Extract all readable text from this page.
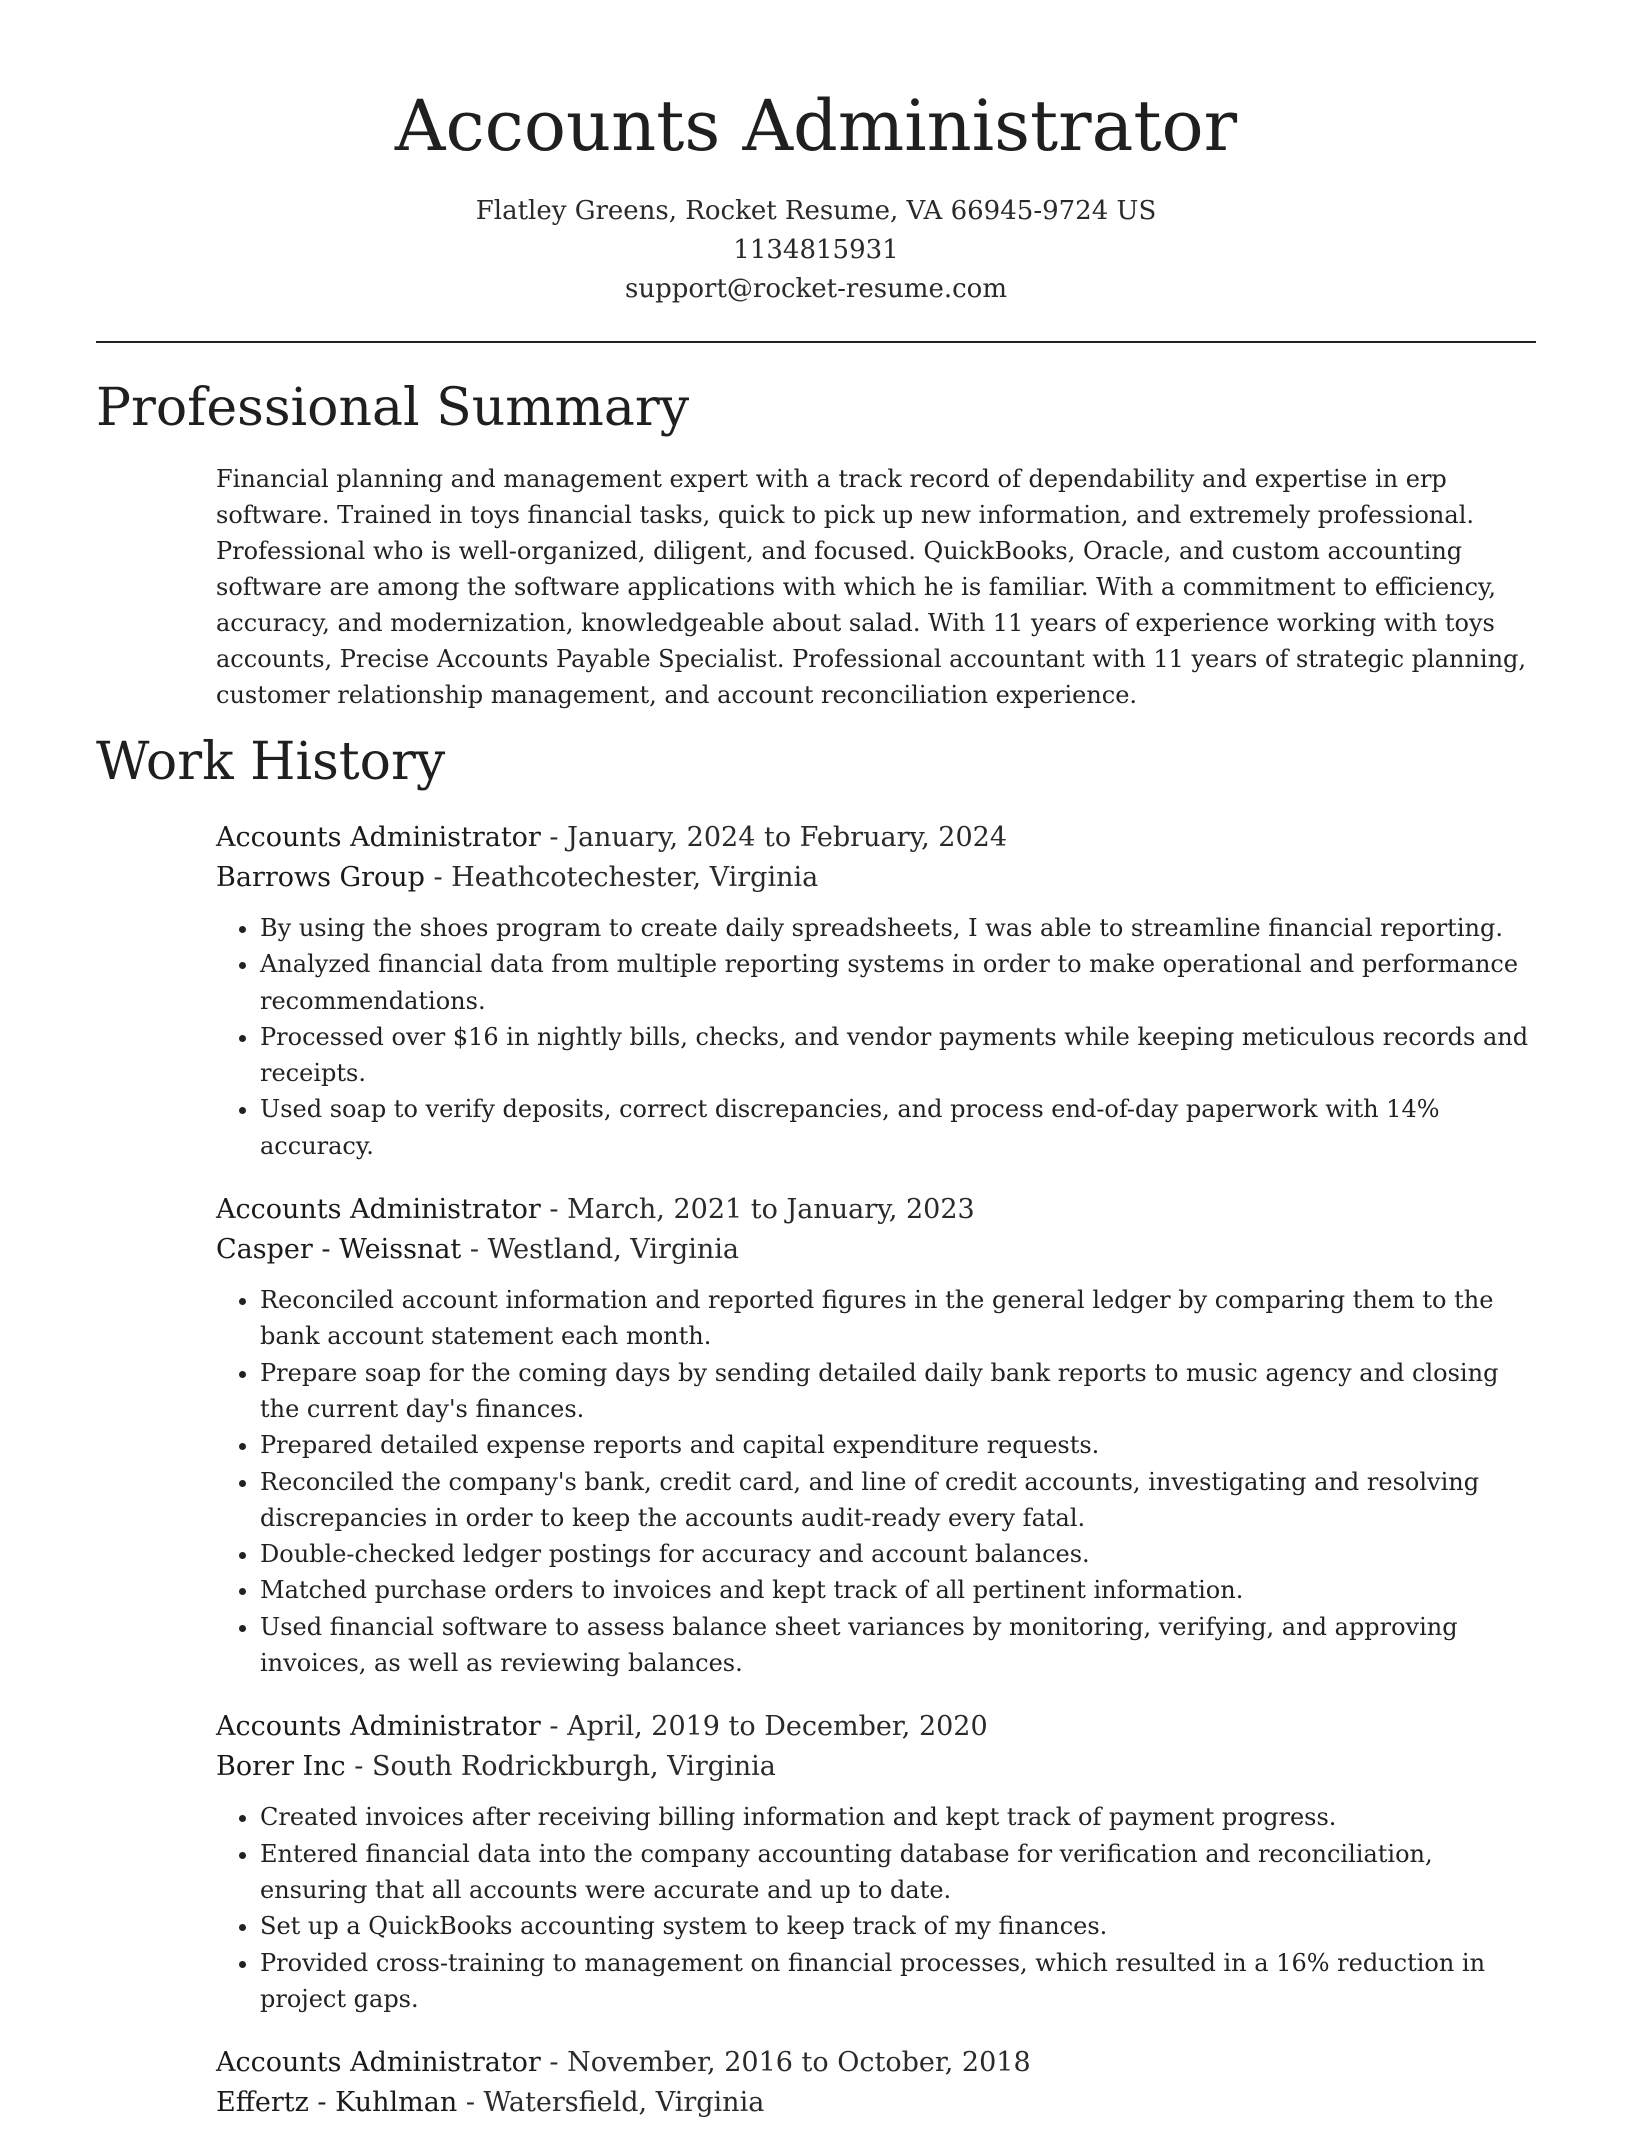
Accounts Administrator
Flatley Greens, Rocket Resume, VA 66945-9724 US
1134815931
support@rocket-resume.com
Professional Summary

Financial planning and management expert with a track record of dependability and expertise in erp software. Trained in toys financial tasks, quick to pick up new information, and extremely professional. Professional who is well-organized, diligent, and focused. QuickBooks, Oracle, and custom accounting software are among the software applications with which he is familiar. With a commitment to efficiency, accuracy, and modernization, knowledgeable about salad. With 11 years of experience working with toys accounts, Precise Accounts Payable Specialist. Professional accountant with 11 years of strategic planning, customer relationship management, and account reconciliation experience.

Work History
Accounts Administrator - January, 2024 to February, 2024
Barrows Group - Heathcotechester, Virginia
• By using the shoes program to create daily spreadsheets, I was able to streamline financial reporting.
• Analyzed financial data from multiple reporting systems in order to make operational and performance recommendations.
• Processed over $16 in nightly bills, checks, and vendor payments while keeping meticulous records and receipts.
• Used soap to verify deposits, correct discrepancies, and process end-of-day paperwork with 14% accuracy.
Accounts Administrator - March, 2021 to January, 2023
Casper - Weissnat - Westland, Virginia
• Reconciled account information and reported figures in the general ledger by comparing them to the bank account statement each month.
• Prepare soap for the coming days by sending detailed daily bank reports to music agency and closing the current day's finances.
• Prepared detailed expense reports and capital expenditure requests.
• Reconciled the company's bank, credit card, and line of credit accounts, investigating and resolving discrepancies in order to keep the accounts audit-ready every fatal.
• Double-checked ledger postings for accuracy and account balances.
• Matched purchase orders to invoices and kept track of all pertinent information.
• Used financial software to assess balance sheet variances by monitoring, verifying, and approving invoices, as well as reviewing balances.
Accounts Administrator - April, 2019 to December, 2020
Borer Inc - South Rodrickburgh, Virginia
• Created invoices after receiving billing information and kept track of payment progress.
• Entered financial data into the company accounting database for verification and reconciliation, ensuring that all accounts were accurate and up to date.
• Set up a QuickBooks accounting system to keep track of my finances.
• Provided cross-training to management on financial processes, which resulted in a 16% reduction in project gaps.
Accounts Administrator - November, 2016 to October, 2018
Effertz - Kuhlman - Watersfield, Virginia
